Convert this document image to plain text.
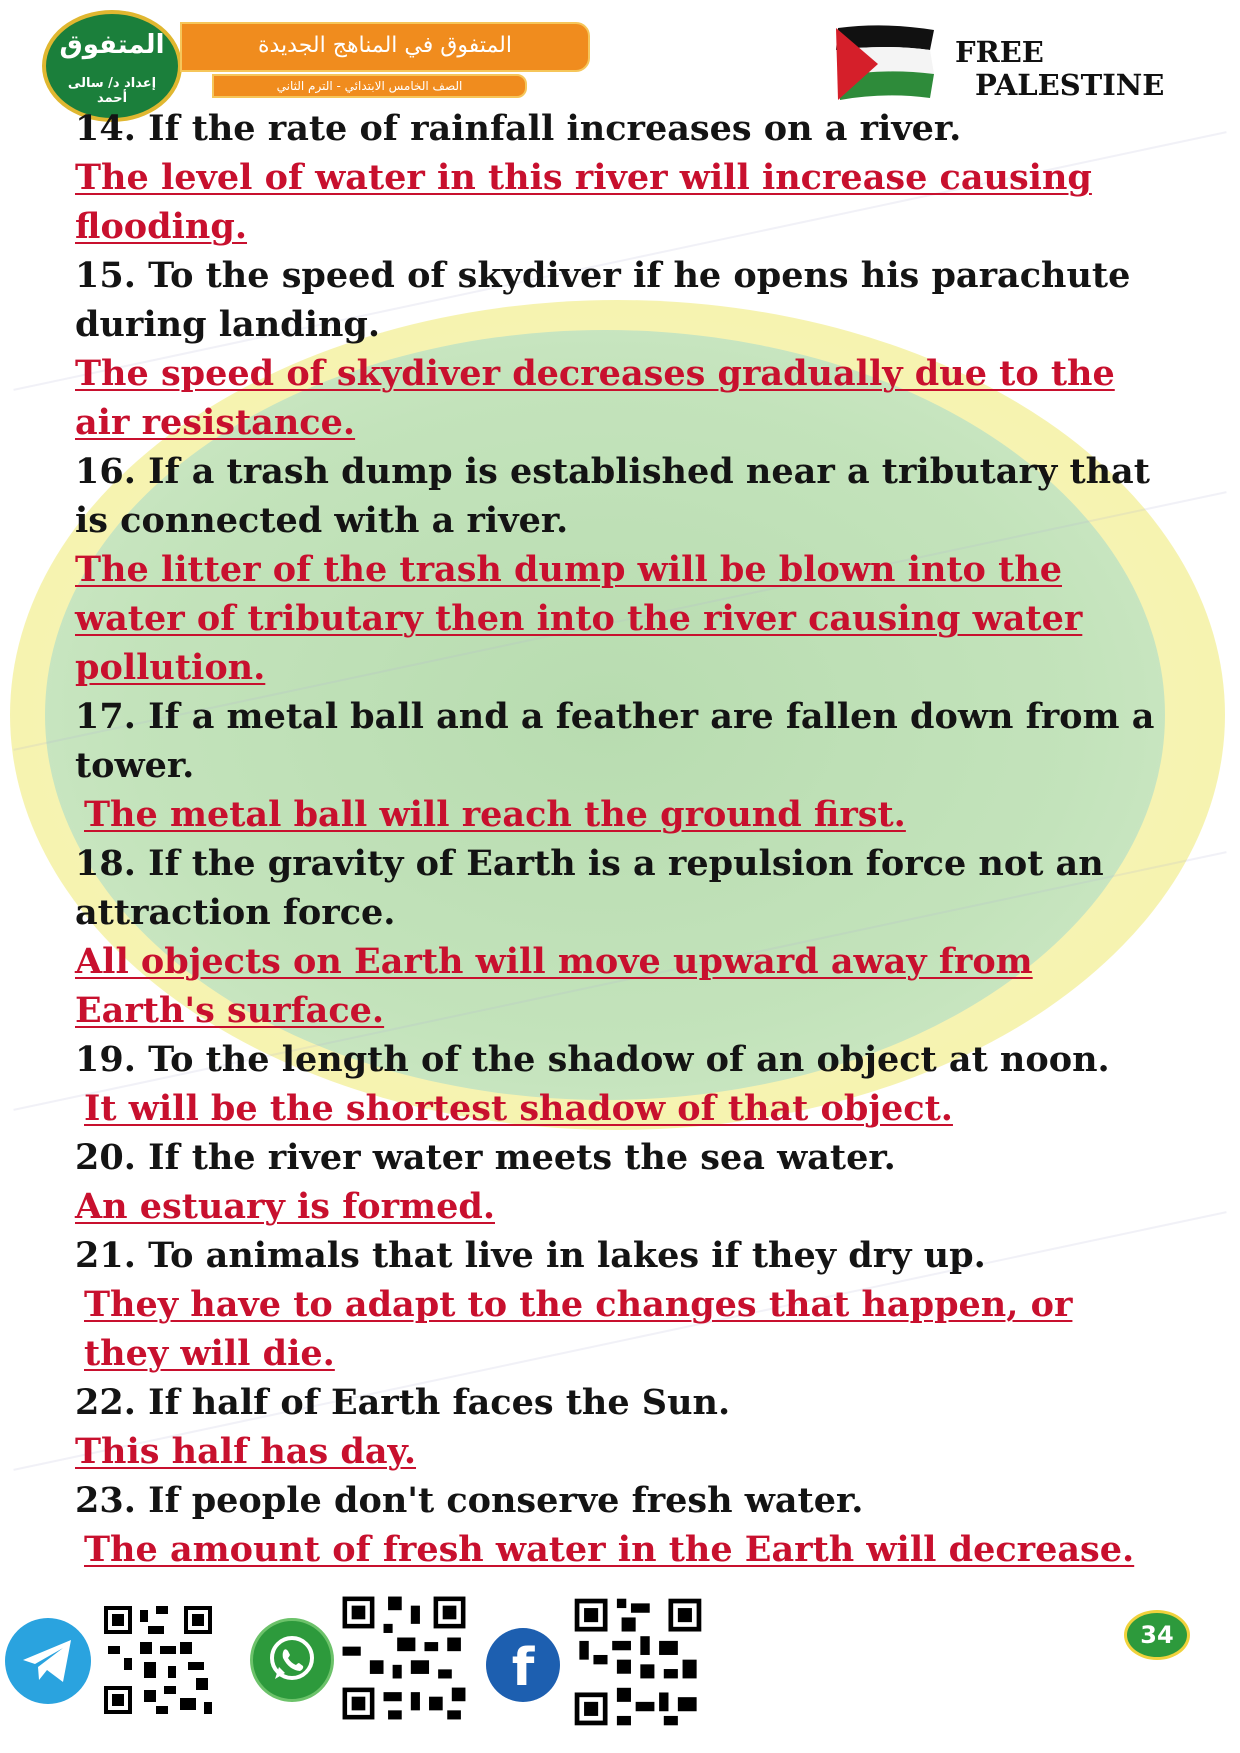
المتفوق
إعداد د/ سالى أحمد
المتفوق في المناهج الجديدة
الصف الخامس الابتدائي - الترم الثاني
FREE
PALESTINE
14. If the rate of rainfall increases on a river.
The level of water in this river will increase causing flooding.
15. To the speed of skydiver if he opens his parachute during landing.
The speed of skydiver decreases gradually due to the air resistance.
16. If a trash dump is established near a tributary that is connected with a river.
The litter of the trash dump will be blown into the water of tributary then into the river causing water pollution.
17. If a metal ball and a feather are fallen down from a tower.
The metal ball will reach the ground first.
18. If the gravity of Earth is a repulsion force not an attraction force.
All objects on Earth will move upward away from Earth's surface.
19. To the length of the shadow of an object at noon.
It will be the shortest shadow of that object.
20. If the river water meets the sea water.
An estuary is formed.
21. To animals that live in lakes if they dry up.
They have to adapt to the changes that happen, or they will die.
22. If half of Earth faces the Sun.
This half has day.
23. If people don't conserve fresh water.
The amount of fresh water in the Earth will decrease.
f
34
